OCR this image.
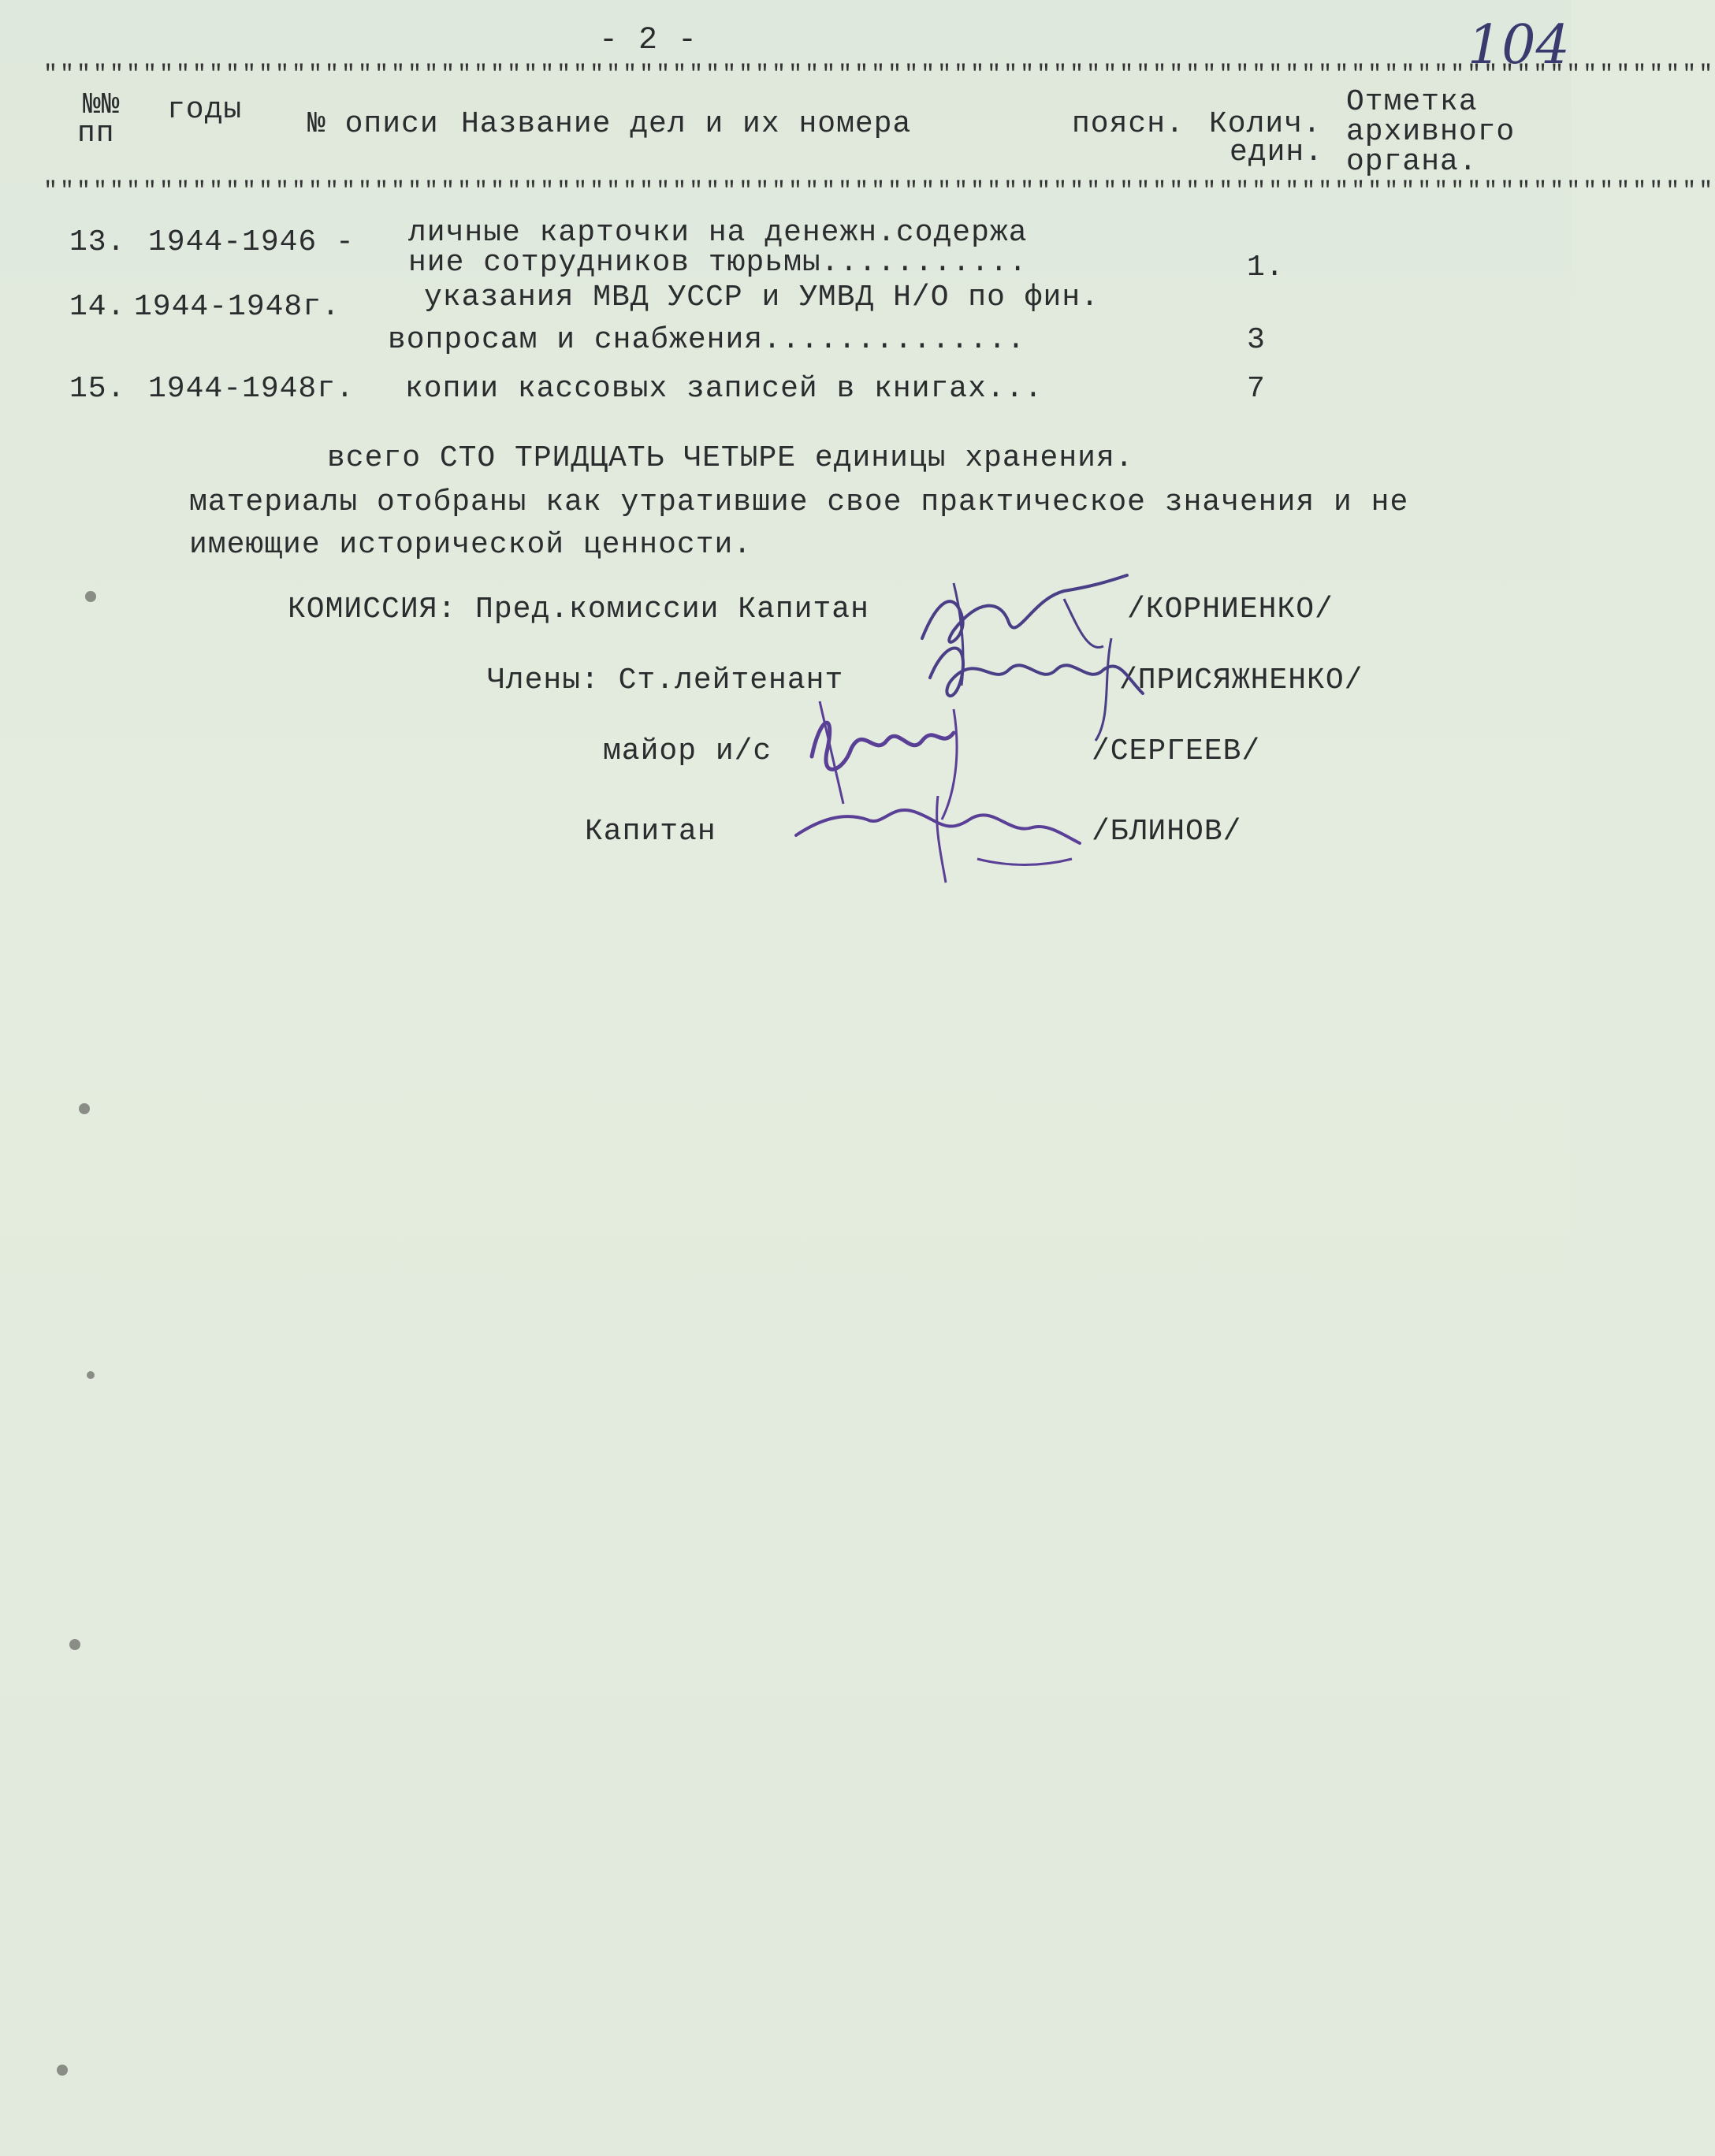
- 2 -	104
"""""""""""""""""""""""""""""""""""""""""""""""""""""""""""""""""""""""""""""""""""""""""""""""""""""
"""""""""""""""""""""""""""""""""""""""""""""""""""""""""""""""""""""""""""""""""""""""""""""""""""""
№№
пп
годы № описи Название дел и их номера	поясн. Колич.
един.
Отметка
архивного
органа.
13. 1944-1946 - личные карточки на денежн.содержа
ние сотрудников тюрьмы...........	1.
14. 1944-1948г.	указания МВД УССР и УМВД Н/О по фин.
вопросам и снабжения..............	3
15. 1944-1948г. копии кассовых записей в книгах...	7
всего СТО ТРИДЦАТЬ ЧЕТЫРЕ единицы хранения.
материалы отобраны как утратившие свое практическое значения и не
имеющие исторической ценности.
КОМИССИЯ: Пред.комиссии Капитан	/КОРНИЕНКО/
Члены: Ст.лейтенант	/ПРИСЯЖНЕНКО/
майор и/с	/СЕРГЕЕВ/
Капитан	/БЛИНОВ/
